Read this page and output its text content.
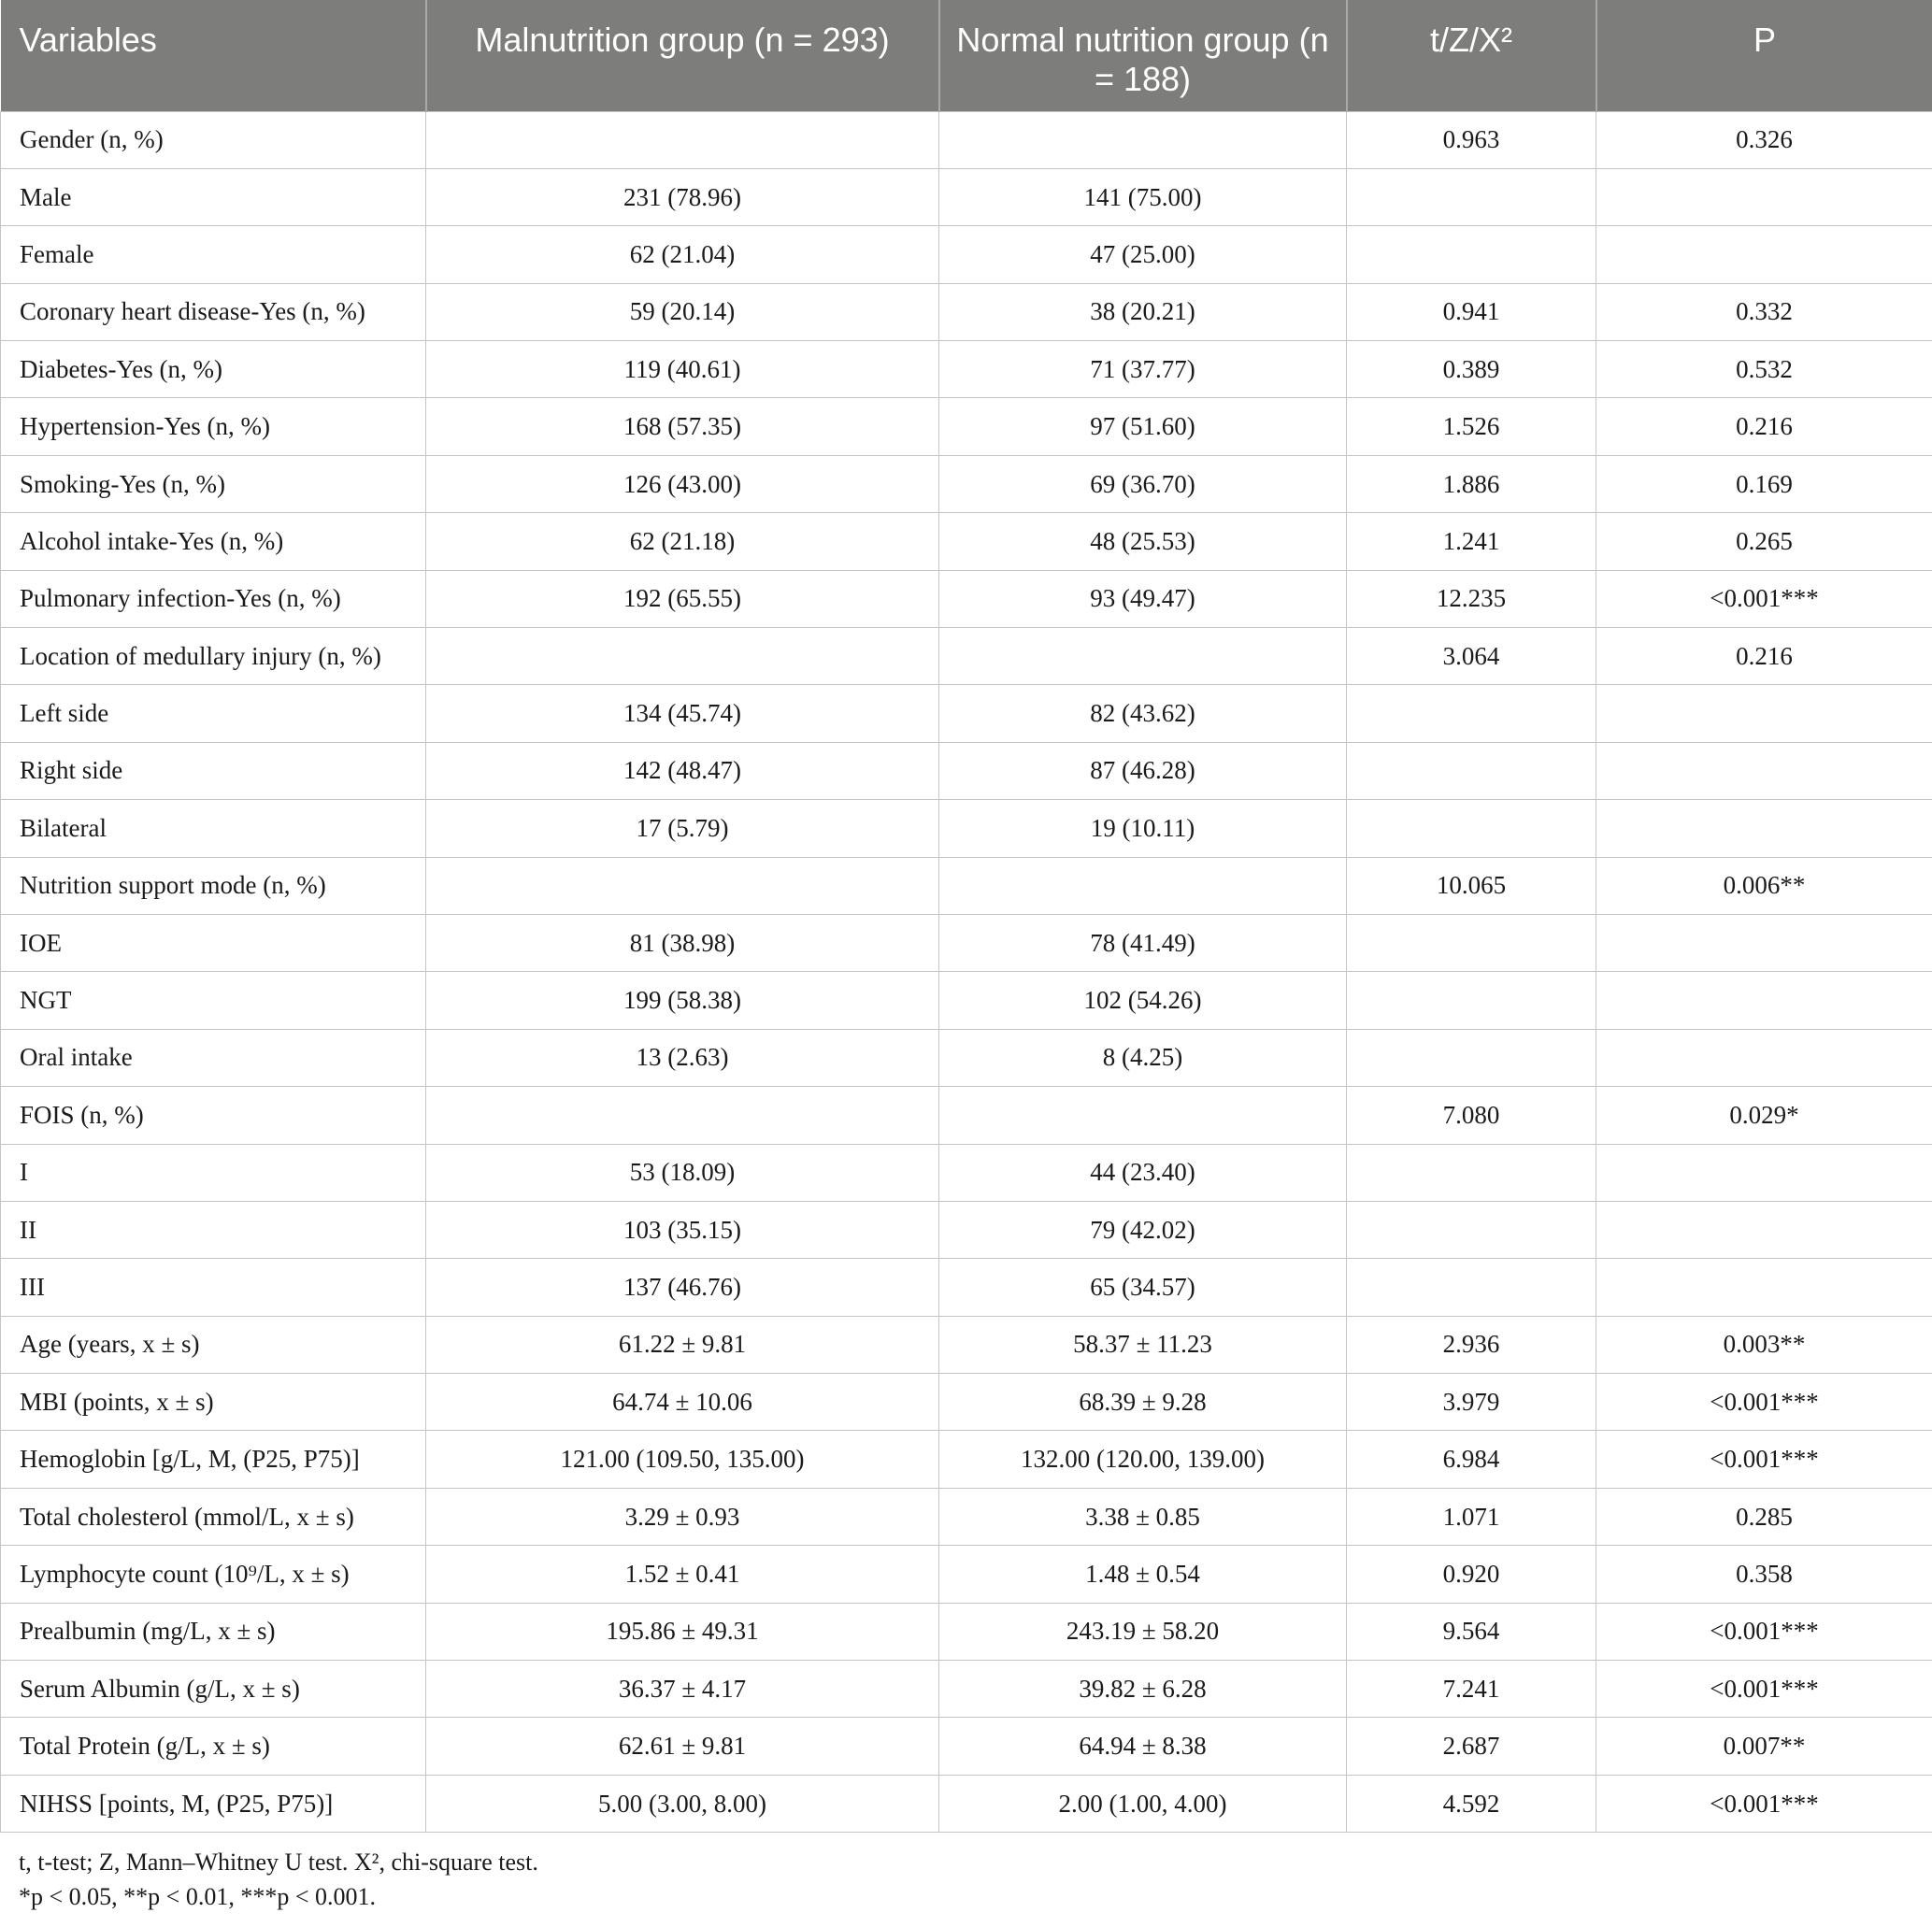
Variables	Malnutrition group (n = 293)	Normal nutrition group (n = 188)	t/Z/X²	P
Gender (n, %)			0.963	0.326
Male	231 (78.96)	141 (75.00)		
Female	62 (21.04)	47 (25.00)		
Coronary heart disease-Yes (n, %)	59 (20.14)	38 (20.21)	0.941	0.332
Diabetes-Yes (n, %)	119 (40.61)	71 (37.77)	0.389	0.532
Hypertension-Yes (n, %)	168 (57.35)	97 (51.60)	1.526	0.216
Smoking-Yes (n, %)	126 (43.00)	69 (36.70)	1.886	0.169
Alcohol intake-Yes (n, %)	62 (21.18)	48 (25.53)	1.241	0.265
Pulmonary infection-Yes (n, %)	192 (65.55)	93 (49.47)	12.235	<0.001***
Location of medullary injury (n, %)			3.064	0.216
Left side	134 (45.74)	82 (43.62)		
Right side	142 (48.47)	87 (46.28)		
Bilateral	17 (5.79)	19 (10.11)		
Nutrition support mode (n, %)			10.065	0.006**
IOE	81 (38.98)	78 (41.49)		
NGT	199 (58.38)	102 (54.26)		
Oral intake	13 (2.63)	8 (4.25)		
FOIS (n, %)			7.080	0.029*
I	53 (18.09)	44 (23.40)		
II	103 (35.15)	79 (42.02)		
III	137 (46.76)	65 (34.57)		
Age (years, x ± s)	61.22 ± 9.81	58.37 ± 11.23	2.936	0.003**
MBI (points, x ± s)	64.74 ± 10.06	68.39 ± 9.28	3.979	<0.001***
Hemoglobin [g/L, M, (P25, P75)]	121.00 (109.50, 135.00)	132.00 (120.00, 139.00)	6.984	<0.001***
Total cholesterol (mmol/L, x ± s)	3.29 ± 0.93	3.38 ± 0.85	1.071	0.285
Lymphocyte count (10⁹/L, x ± s)	1.52 ± 0.41	1.48 ± 0.54	0.920	0.358
Prealbumin (mg/L, x ± s)	195.86 ± 49.31	243.19 ± 58.20	9.564	<0.001***
Serum Albumin (g/L, x ± s)	36.37 ± 4.17	39.82 ± 6.28	7.241	<0.001***
Total Protein (g/L, x ± s)	62.61 ± 9.81	64.94 ± 8.38	2.687	0.007**
NIHSS [points, M, (P25, P75)]	5.00 (3.00, 8.00)	2.00 (1.00, 4.00)	4.592	<0.001***
t, t-test; Z, Mann–Whitney U test. X², chi-square test.
*p < 0.05, **p < 0.01, ***p < 0.001.
